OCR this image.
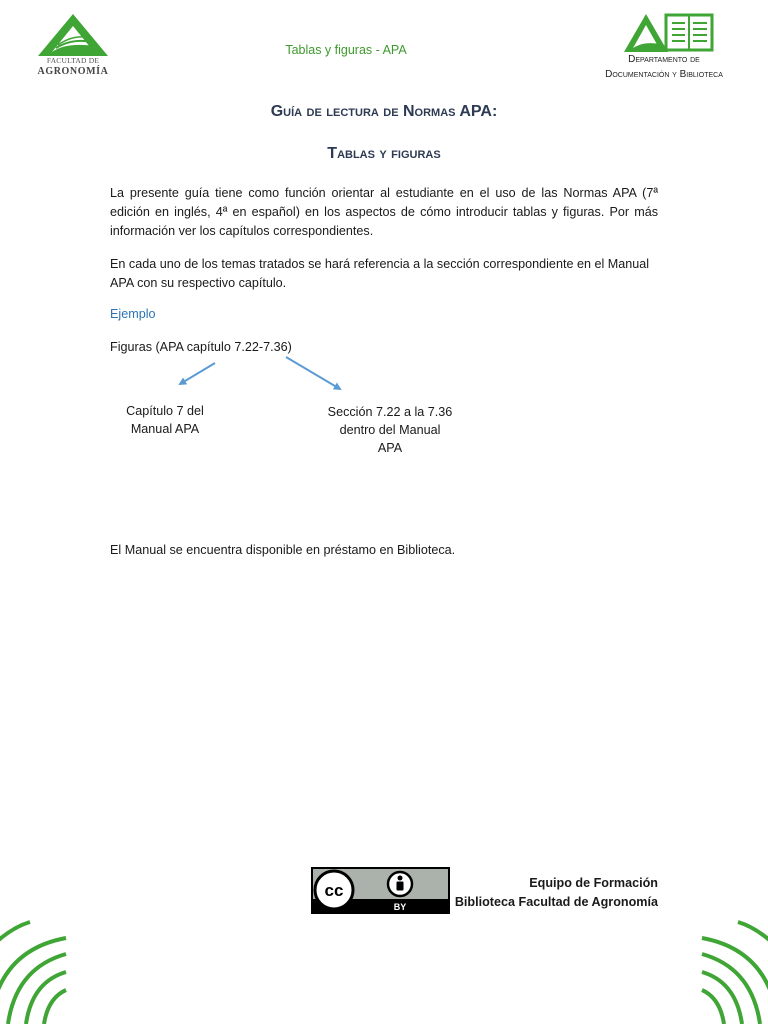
FACULTAD DE
AGRONOMÍA
Tablas y figuras - APA
Departamento de
Documentación y Biblioteca
Guía de lectura de Normas APA:
Tablas y figuras
La presente guía tiene como función orientar al estudiante en el uso de las Normas APA (7ª edición en inglés, 4ª en español) en los aspectos de cómo introducir tablas y figuras. Por más información ver los capítulos correspondientes.
En cada uno de los temas tratados se hará referencia a la sección correspondiente en el Manual APA con su respectivo capítulo.
Ejemplo
Figuras (APA capítulo 7.22-7.36)
Capítulo 7 del
Manual APA
Sección 7.22 a la 7.36
dentro del Manual
APA
El Manual se encuentra disponible en préstamo en Biblioteca.
cc
BY
Equipo de Formación
Biblioteca Facultad de Agronomía
